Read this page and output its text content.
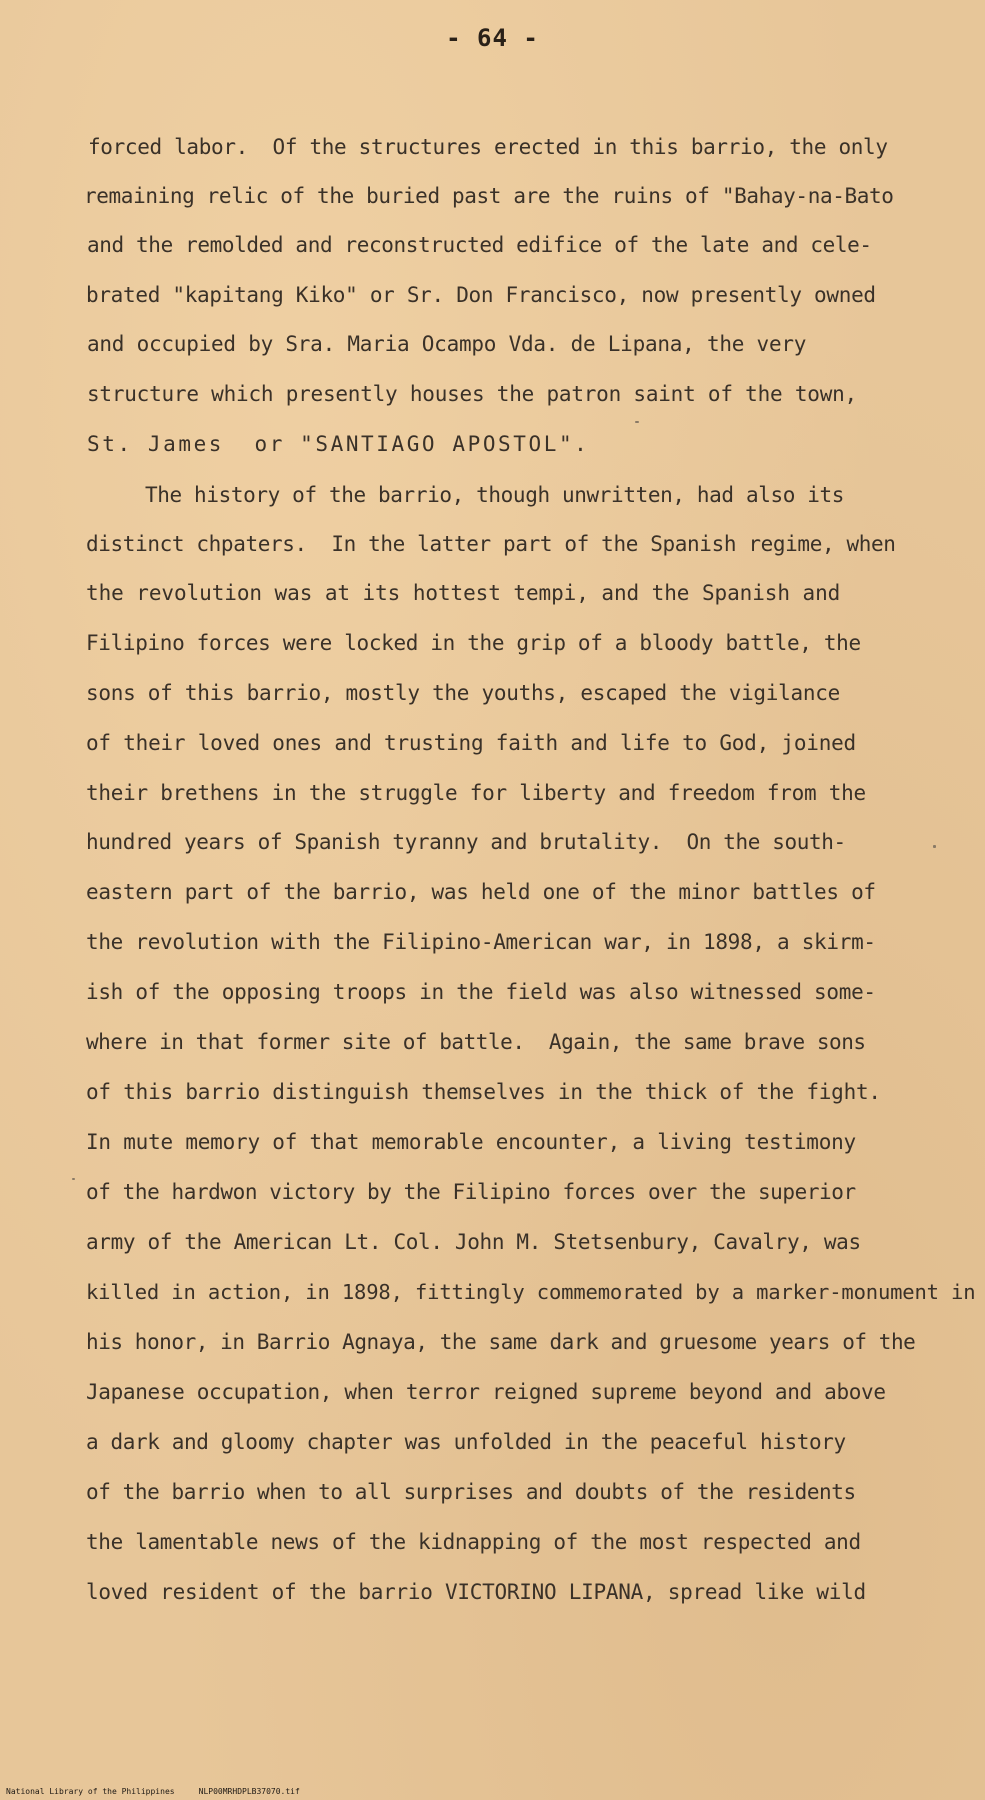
- 64 -
forced labor.  Of the structures erected in this barrio, the only
remaining relic of the buried past are the ruins of "Bahay-na-Bato
and the remolded and reconstructed edifice of the late and cele-
brated "kapitang Kiko" or Sr. Don Francisco, now presently owned
and occupied by Sra. Maria Ocampo Vda. de Lipana, the very
structure which presently houses the patron saint of the town,
St. James  or "SANTIAGO APOSTOL".
The history of the barrio, though unwritten, had also its
distinct chpaters.  In the latter part of the Spanish regime, when
the revolution was at its hottest tempi, and the Spanish and
Filipino forces were locked in the grip of a bloody battle, the
sons of this barrio, mostly the youths, escaped the vigilance
of their loved ones and trusting faith and life to God, joined
their brethens in the struggle for liberty and freedom from the
hundred years of Spanish tyranny and brutality.  On the south-
eastern part of the barrio, was held one of the minor battles of
the revolution with the Filipino-American war, in 1898, a skirm-
ish of the opposing troops in the field was also witnessed some-
where in that former site of battle.  Again, the same brave sons
of this barrio distinguish themselves in the thick of the fight.
In mute memory of that memorable encounter, a living testimony
of the hardwon victory by the Filipino forces over the superior
army of the American Lt. Col. John M. Stetsenbury, Cavalry, was
killed in action, in 1898, fittingly commemorated by a marker-monument in
his honor, in Barrio Agnaya, the same dark and gruesome years of the
Japanese occupation, when terror reigned supreme beyond and above
a dark and gloomy chapter was unfolded in the peaceful history
of the barrio when to all surprises and doubts of the residents
the lamentable news of the kidnapping of the most respected and
loved resident of the barrio VICTORINO LIPANA, spread like wild
National Library of the Philippines     NLP00MRHDPLB37070.tif
